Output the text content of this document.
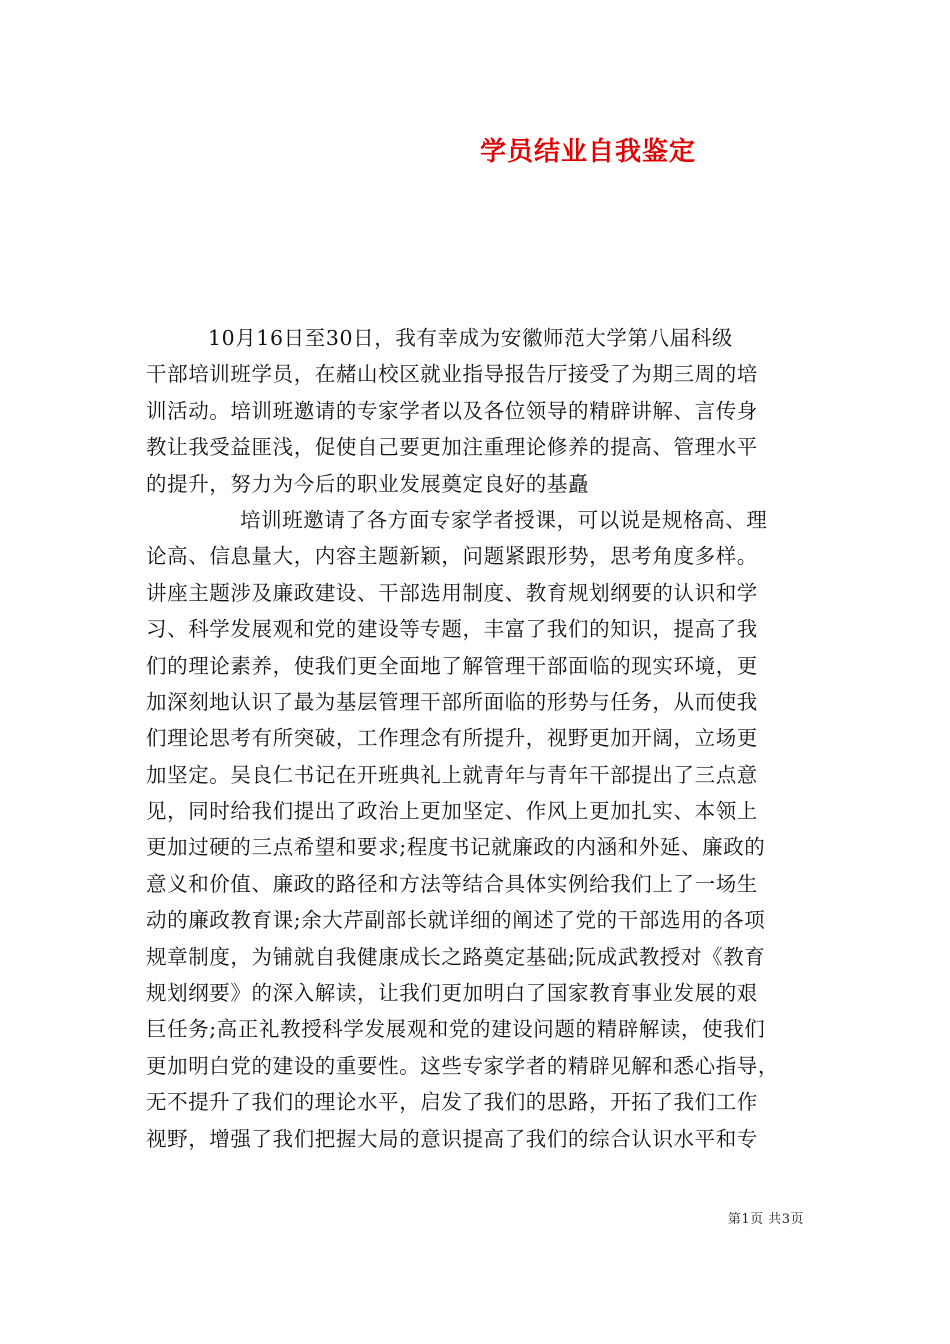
学员结业自我鉴定
10月16日至30日，我有幸成为安徽师范大学第八届科级
干部培训班学员，在赭山校区就业指导报告厅接受了为期三周的培
训活动。培训班邀请的专家学者以及各位领导的精辟讲解、言传身
教让我受益匪浅，促使自己要更加注重理论修养的提高、管理水平
的提升，努力为今后的职业发展奠定良好的基矗
培训班邀请了各方面专家学者授课，可以说是规格高、理
论高、信息量大，内容主题新颖，问题紧跟形势，思考角度多样。
讲座主题涉及廉政建设、干部选用制度、教育规划纲要的认识和学
习、科学发展观和党的建设等专题，丰富了我们的知识，提高了我
们的理论素养，使我们更全面地了解管理干部面临的现实环境，更
加深刻地认识了最为基层管理干部所面临的形势与任务，从而使我
们理论思考有所突破，工作理念有所提升，视野更加开阔，立场更
加坚定。吴良仁书记在开班典礼上就青年与青年干部提出了三点意
见，同时给我们提出了政治上更加坚定、作风上更加扎实、本领上
更加过硬的三点希望和要求;程度书记就廉政的内涵和外延、廉政的
意义和价值、廉政的路径和方法等结合具体实例给我们上了一场生
动的廉政教育课;余大芹副部长就详细的阐述了党的干部选用的各项
规章制度，为铺就自我健康成长之路奠定基础;阮成武教授对《教育
规划纲要》的深入解读，让我们更加明白了国家教育事业发展的艰
巨任务;高正礼教授科学发展观和党的建设问题的精辟解读，使我们
更加明白党的建设的重要性。这些专家学者的精辟见解和悉心指导，
无不提升了我们的理论水平，启发了我们的思路，开拓了我们工作
视野，增强了我们把握大局的意识提高了我们的综合认识水平和专
第1页 共3页
